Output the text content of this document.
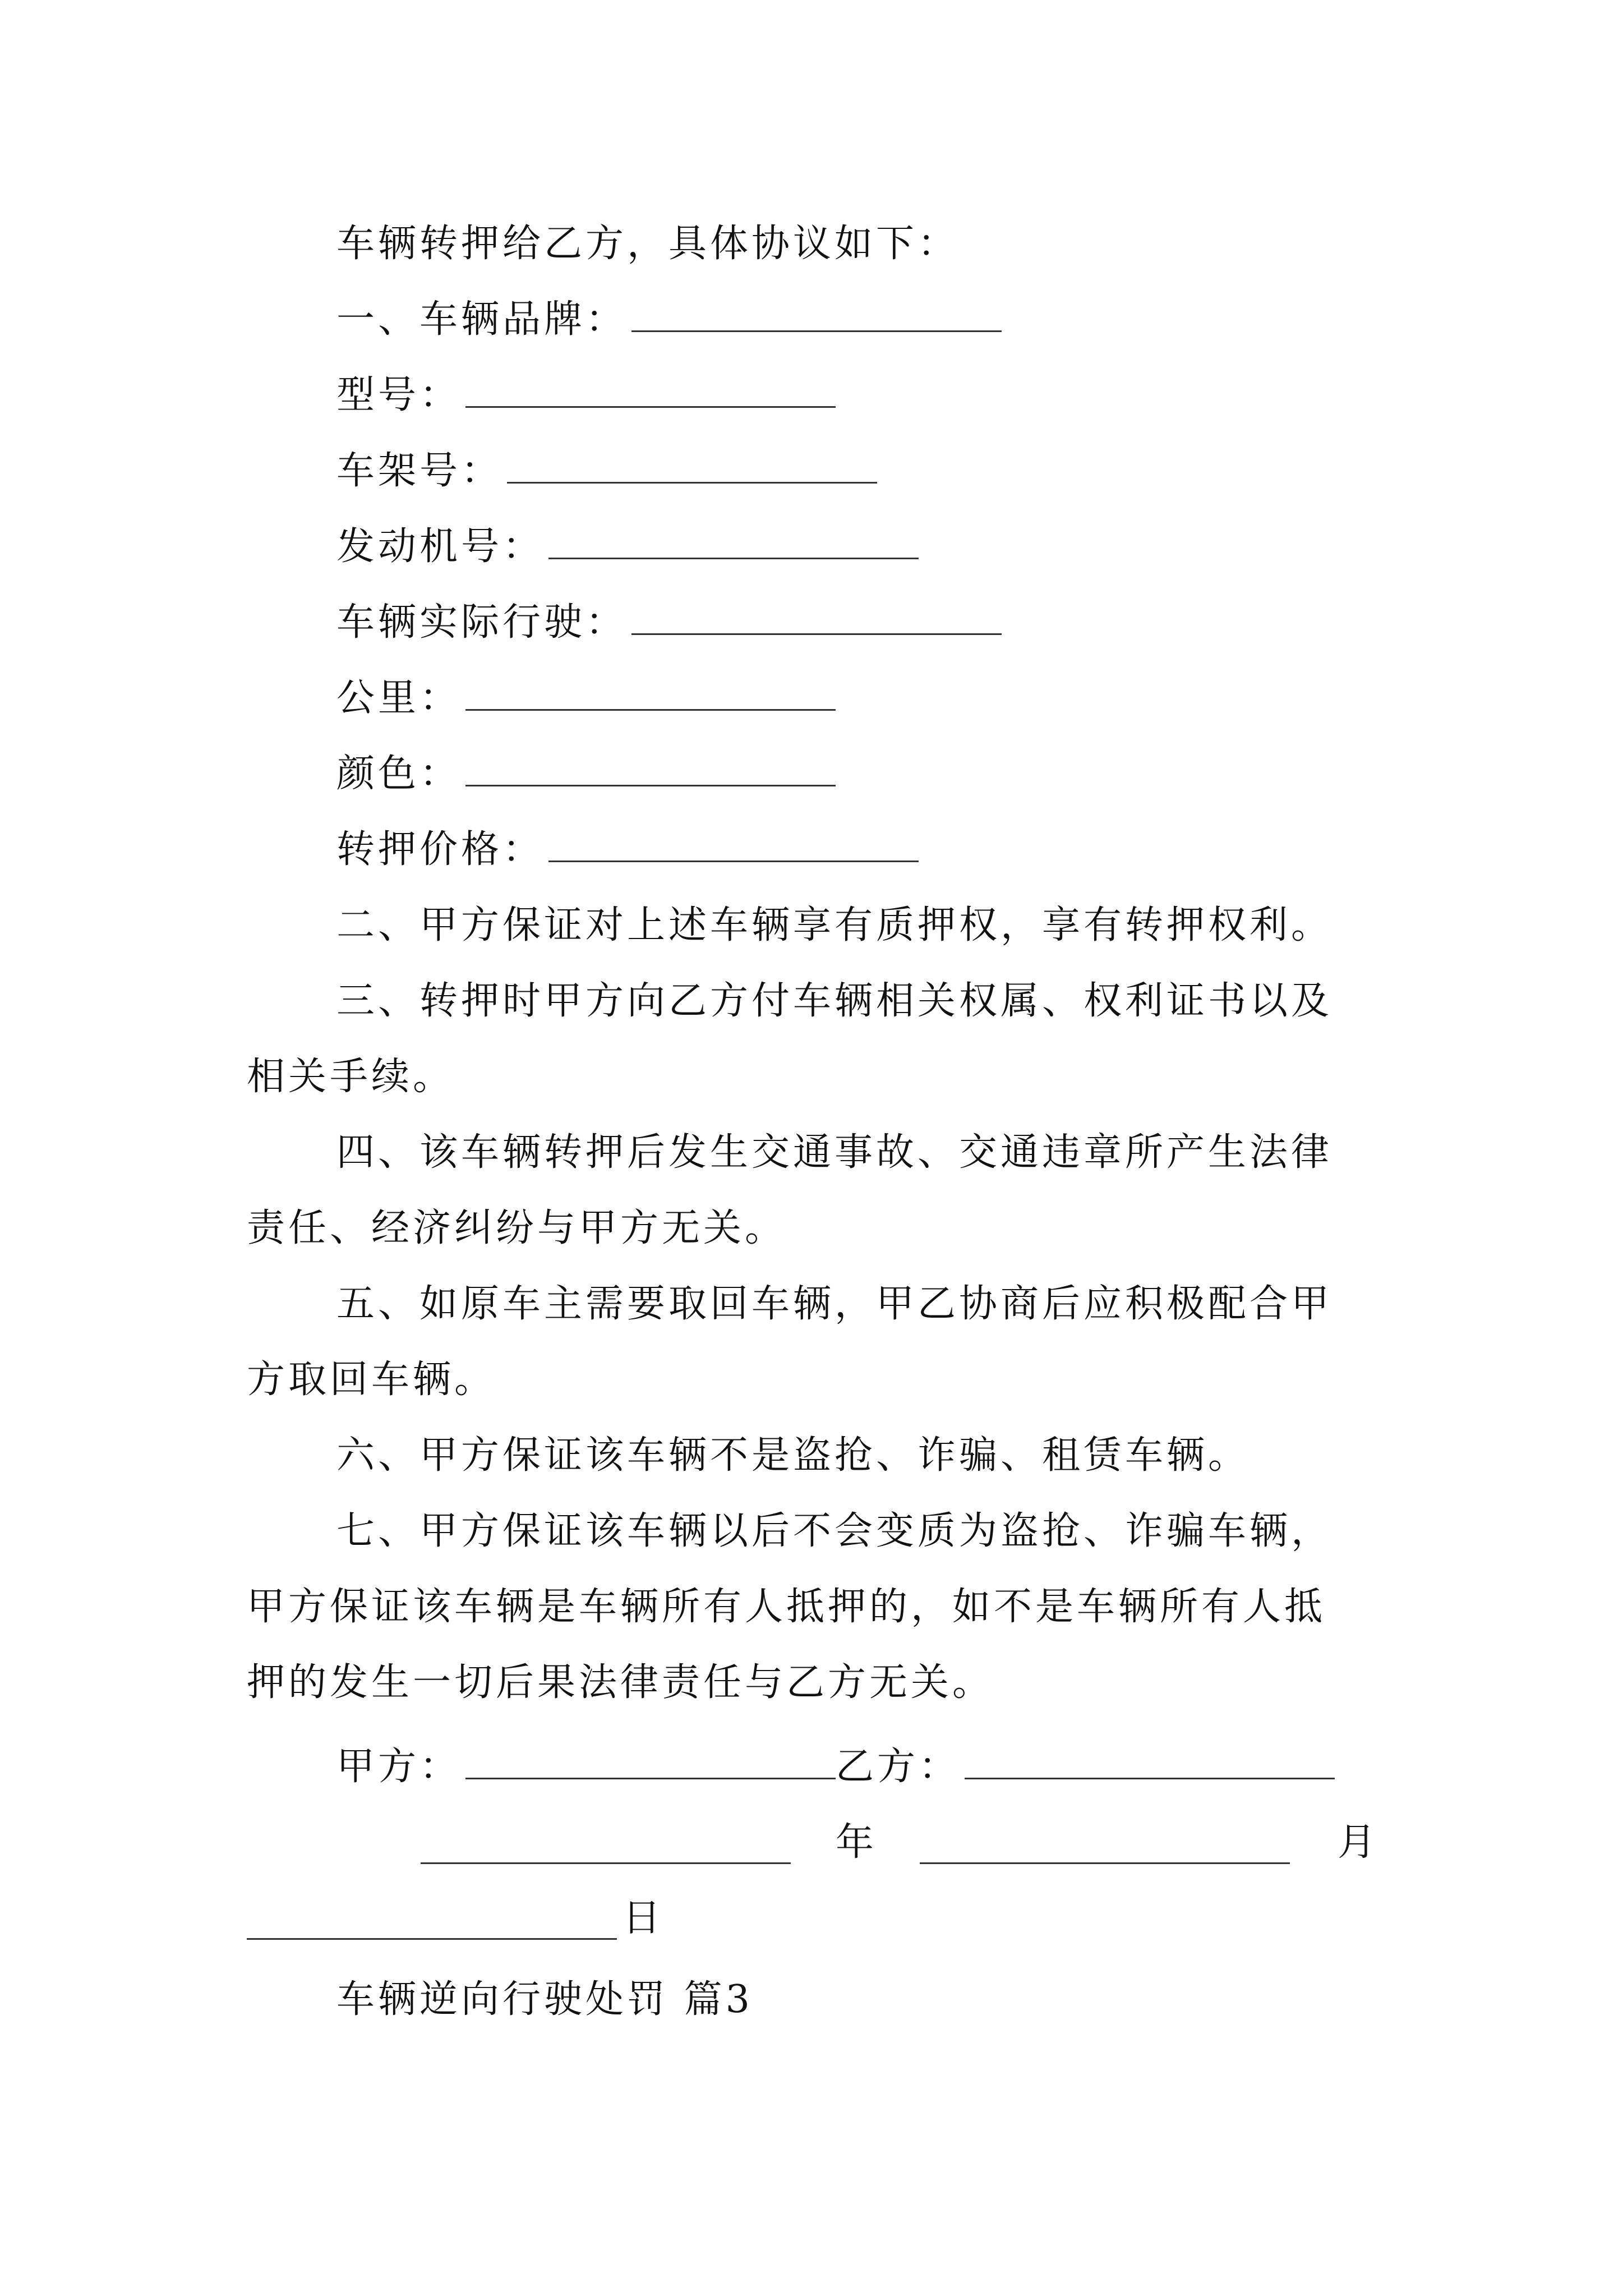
车辆转押给乙方，具体协议如下：
一、车辆品牌：
型号：
车架号：
发动机号：
车辆实际行驶：
公里：
颜色：
转押价格：
二、甲方保证对上述车辆享有质押权，享有转押权利。
三、转押时甲方向乙方付车辆相关权属、权利证书以及
相关手续。
四、该车辆转押后发生交通事故、交通违章所产生法律
责任、经济纠纷与甲方无关。
五、如原车主需要取回车辆，甲乙协商后应积极配合甲
方取回车辆。
六、甲方保证该车辆不是盗抢、诈骗、租赁车辆。
七、甲方保证该车辆以后不会变质为盗抢、诈骗车辆，
甲方保证该车辆是车辆所有人抵押的，如不是车辆所有人抵
押的发生一切后果法律责任与乙方无关。
甲方：	乙方：
年	月
日
车辆逆向行驶处罚 篇3
